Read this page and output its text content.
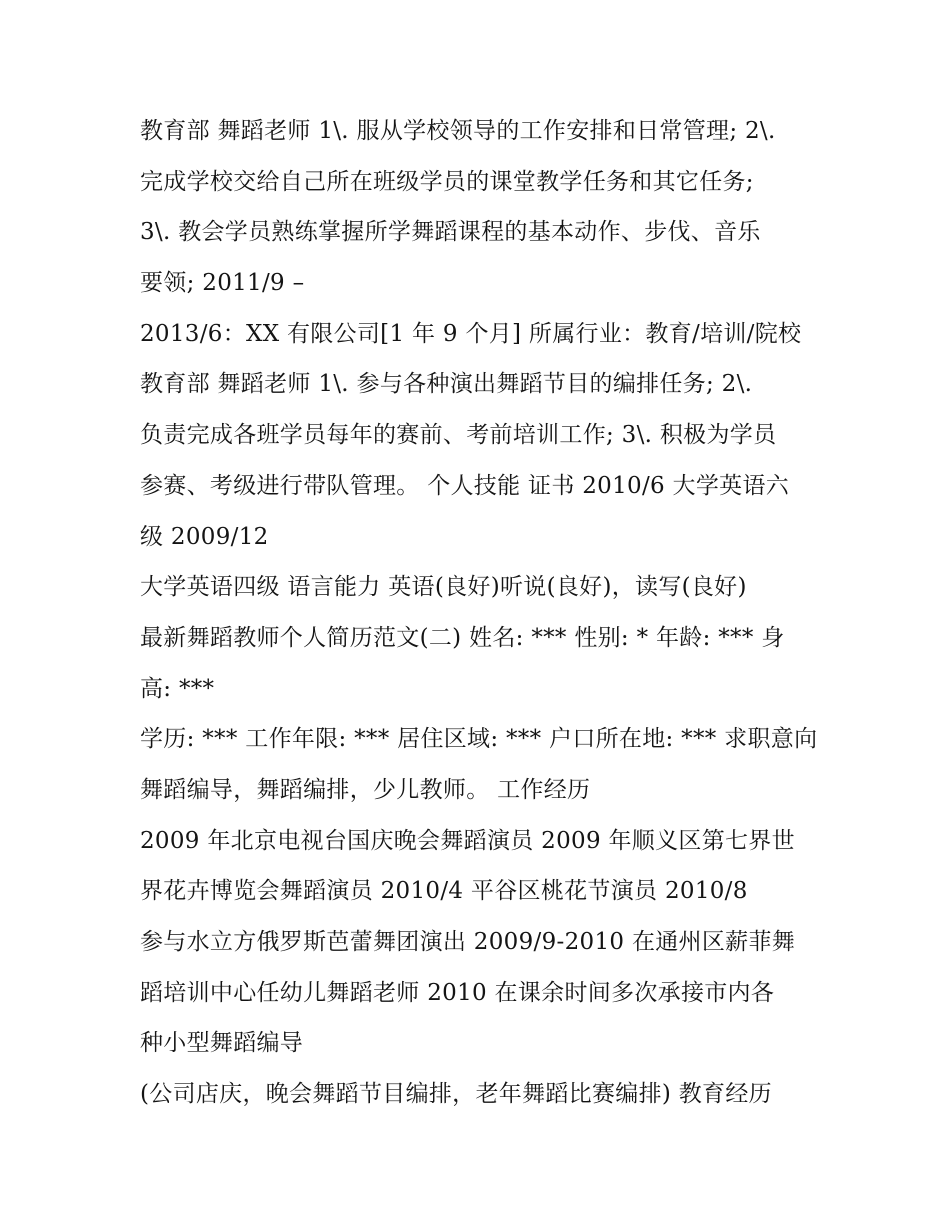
教育部 舞蹈老师 1\. 服从学校领导的工作安排和日常管理; 2\.
完成学校交给自己所在班级学员的课堂教学任务和其它任务;
3\. 教会学员熟练掌握所学舞蹈课程的基本动作、步伐、音乐
要领; 2011/9 –
2013/6：XX 有限公司[1 年 9 个月] 所属行业：教育/培训/院校
教育部 舞蹈老师 1\. 参与各种演出舞蹈节目的编排任务; 2\.
负责完成各班学员每年的赛前、考前培训工作; 3\. 积极为学员
参赛、考级进行带队管理。 个人技能 证书 2010/6 大学英语六
级 2009/12
大学英语四级 语言能力 英语(良好)听说(良好)，读写(良好)
最新舞蹈教师个人简历范文(二) 姓名: *** 性别: * 年龄: *** 身
高: ***
学历: *** 工作年限: *** 居住区域: *** 户口所在地: *** 求职意向
舞蹈编导，舞蹈编排，少儿教师。 工作经历
2009 年北京电视台国庆晚会舞蹈演员 2009 年顺义区第七界世
界花卉博览会舞蹈演员 2010/4 平谷区桃花节演员 2010/8
参与水立方俄罗斯芭蕾舞团演出 2009/9-2010 在通州区薪菲舞
蹈培训中心任幼儿舞蹈老师 2010 在课余时间多次承接市内各
种小型舞蹈编导
(公司店庆，晚会舞蹈节目编排，老年舞蹈比赛编排) 教育经历
